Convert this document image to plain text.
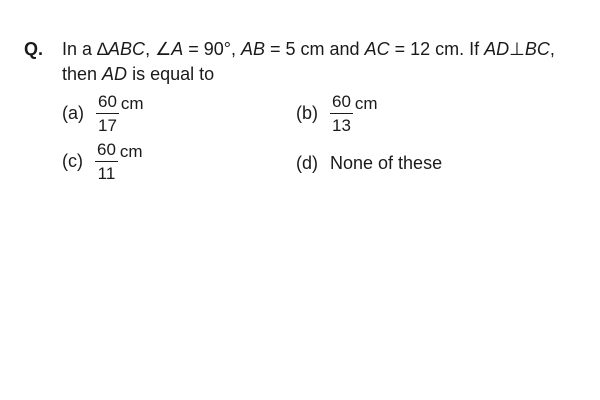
Q. In a ∆ABC, ∠A = 90°, AB = 5 cm and AC = 12 cm. If AD⊥BC,
then AD is equal to
$(a) \frac{60}{17}$ cm	$(b) \frac{60}{13}$ cm
$(c) \frac{60}{11}$ cm
(d) None of these
